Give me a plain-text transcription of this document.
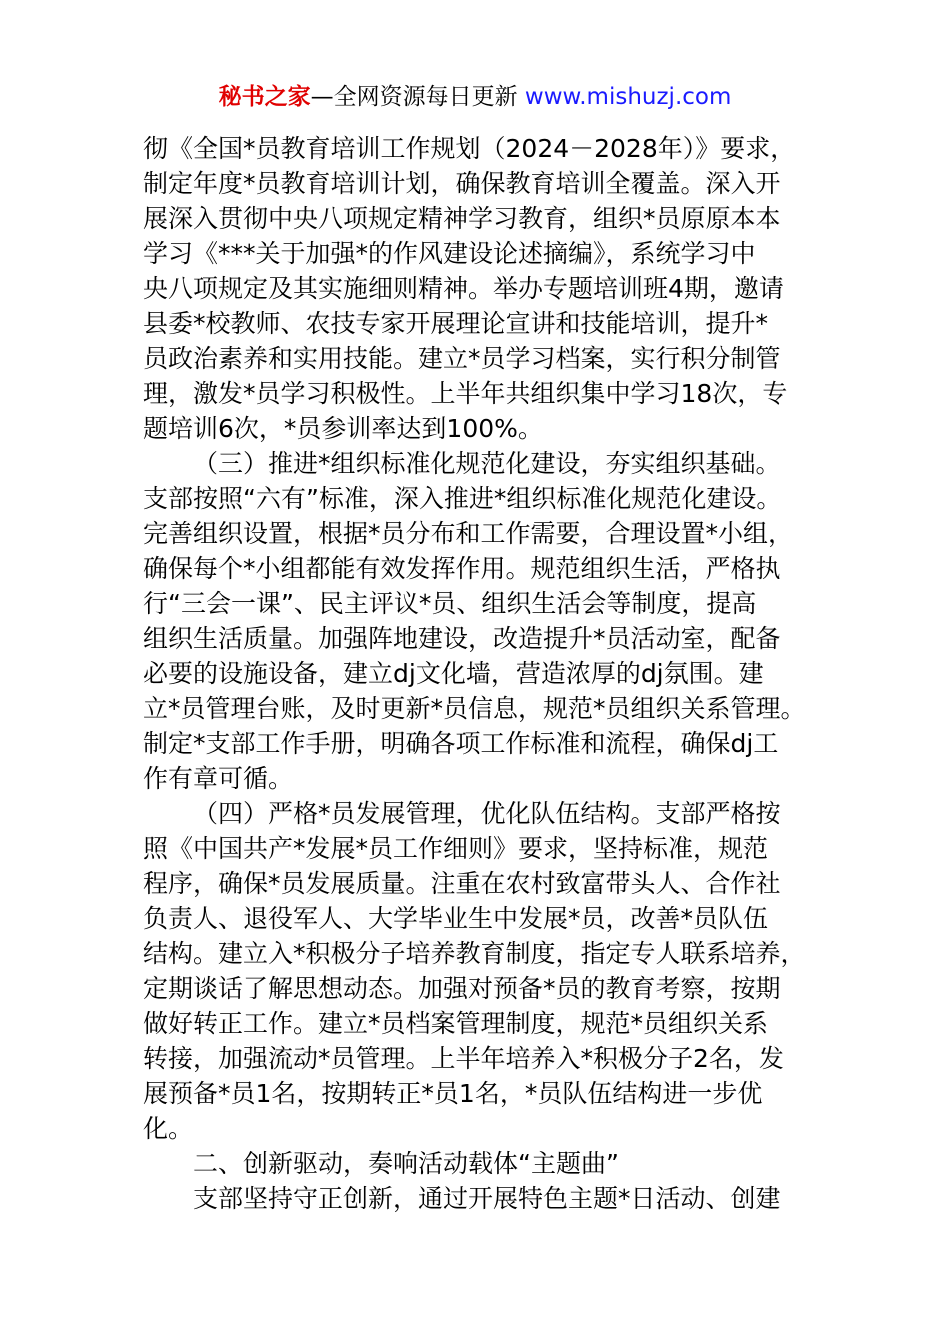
秘书之家—全网资源每日更新 www.mishuzj.com
彻《全国*员教育培训工作规划（2024－2028年）》要求，
制定年度*员教育培训计划，确保教育培训全覆盖。深入开
展深入贯彻中央八项规定精神学习教育，组织*员原原本本
学习《***关于加强*的作风建设论述摘编》，系统学习中
央八项规定及其实施细则精神。举办专题培训班4期，邀请
县委*校教师、农技专家开展理论宣讲和技能培训，提升*
员政治素养和实用技能。建立*员学习档案，实行积分制管
理，激发*员学习积极性。上半年共组织集中学习18次，专
题培训6次，*员参训率达到100%。
（三）推进*组织标准化规范化建设，夯实组织基础。
支部按照“六有”标准，深入推进*组织标准化规范化建设。
完善组织设置，根据*员分布和工作需要，合理设置*小组，
确保每个*小组都能有效发挥作用。规范组织生活，严格执
行“三会一课”、民主评议*员、组织生活会等制度，提高
组织生活质量。加强阵地建设，改造提升*员活动室，配备
必要的设施设备，建立dj文化墙，营造浓厚的dj氛围。建
立*员管理台账，及时更新*员信息，规范*员组织关系管理。
制定*支部工作手册，明确各项工作标准和流程，确保dj工
作有章可循。
（四）严格*员发展管理，优化队伍结构。支部严格按
照《中国共产*发展*员工作细则》要求，坚持标准，规范
程序，确保*员发展质量。注重在农村致富带头人、合作社
负责人、退役军人、大学毕业生中发展*员，改善*员队伍
结构。建立入*积极分子培养教育制度，指定专人联系培养，
定期谈话了解思想动态。加强对预备*员的教育考察，按期
做好转正工作。建立*员档案管理制度，规范*员组织关系
转接，加强流动*员管理。上半年培养入*积极分子2名，发
展预备*员1名，按期转正*员1名，*员队伍结构进一步优
化。
二、创新驱动，奏响活动载体“主题曲”
支部坚持守正创新，通过开展特色主题*日活动、创建
